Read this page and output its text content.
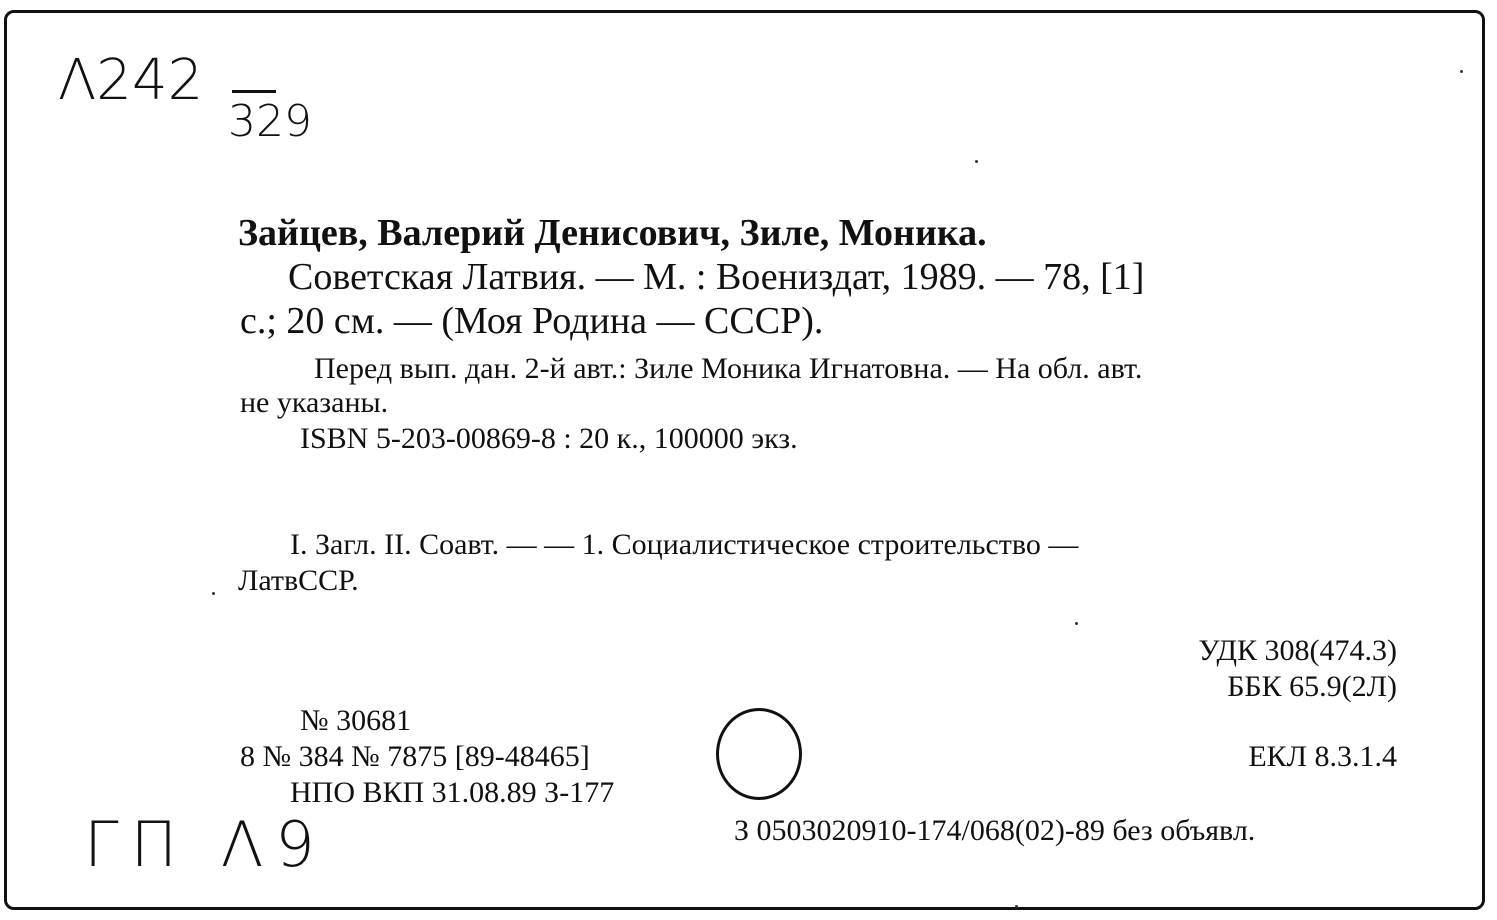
Λ242
329
ГП Λ9
Зайцев, Валерий Денисович, Зиле, Моника.
Советская Латвия. — М. : Воениздат, 1989. — 78, [1]
с.; 20 см. — (Моя Родина — СССР).
Перед вып. дан. 2-й авт.: Зиле Моника Игнатовна. — На обл. авт.
не указаны.
ISBN 5-203-00869-8 : 20 к., 100000 экз.
I. Загл. II. Соавт. — — 1. Социалистическое строительство —
ЛатвССР.
УДК 308(474.3)
ББК 65.9(2Л)
ЕКЛ 8.3.1.4
№ 30681
8 № 384 № 7875 [89-48465]
НПО ВКП 31.08.89 З-177
З 0503020910-174/068(02)-89 без объявл.
